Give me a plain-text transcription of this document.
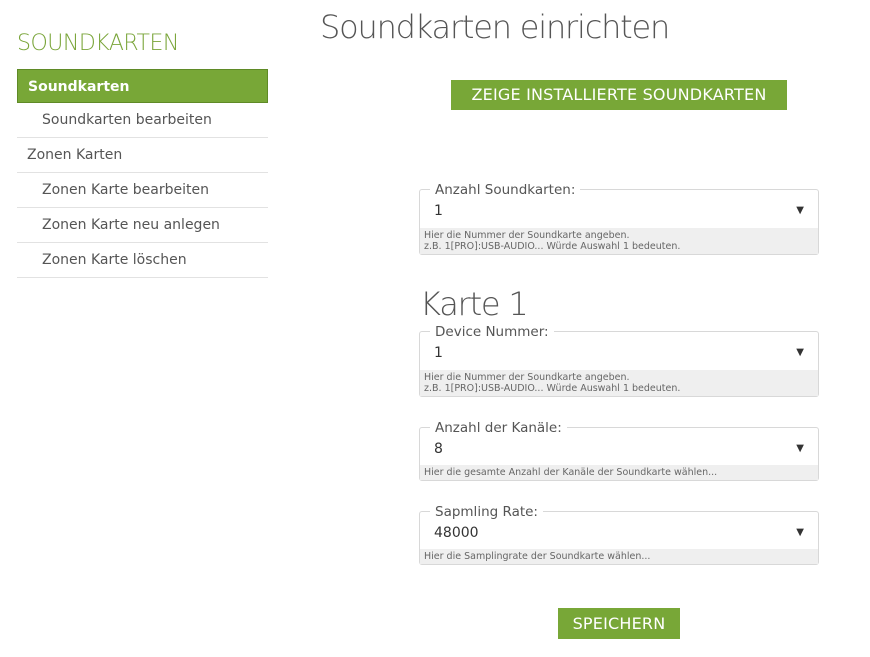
SOUNDKARTEN
Soundkarten
Soundkarten bearbeiten
Zonen Karten
Zonen Karte bearbeiten
Zonen Karte neu anlegen
Zonen Karte löschen
Soundkarten einrichten
ZEIGE INSTALLIERTE SOUNDKARTEN
Anzahl Soundkarten:
1	▼
Hier die Nummer der Soundkarte angeben.
z.B. 1[PRO]:USB-AUDIO... Würde Auswahl 1 bedeuten.
Karte 1
Device Nummer:
1	▼
Hier die Nummer der Soundkarte angeben.
z.B. 1[PRO]:USB-AUDIO... Würde Auswahl 1 bedeuten.
Anzahl der Kanäle:
8	▼
Hier die gesamte Anzahl der Kanäle der Soundkarte wählen...
Sapmling Rate:
48000	▼
Hier die Samplingrate der Soundkarte wählen...
SPEICHERN
